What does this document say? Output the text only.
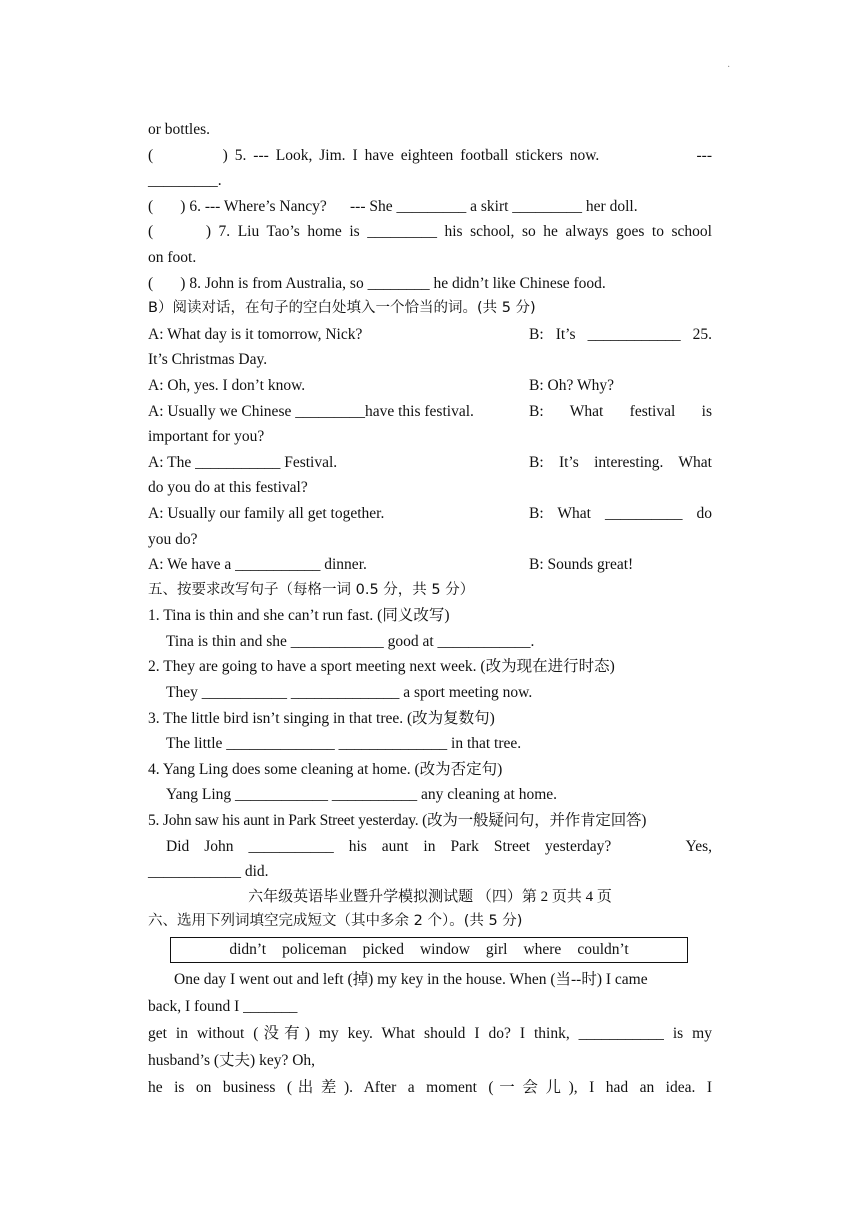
·
or bottles.
(          ) 5. --- Look, Jim. I have eighteen football stickers now.              ---
_________.
(       ) 6. --- Where’s Nancy?      --- She _________ a skirt _________ her doll.
(       ) 7. Liu Tao’s home is _________ his school, so he always goes to school
on foot.
(       ) 8. John is from Australia, so ________ he didn’t like Chinese food.
B）阅读对话，在句子的空白处填入一个恰当的词。(共 5 分)
A: What day is it tomorrow, Nick?	B: It’s ____________ 25.
It’s Christmas Day.
A: Oh, yes. I don’t know.	B: Oh? Why?
A: Usually we Chinese _________have this festival.	B:   What   festival   is
important for you?
A: The ___________ Festival.	B:  It’s  interesting.  What
do you do at this festival?
A: Usually our family all get together.	B:  What  __________  do
you do?
A: We have a ___________ dinner.	B: Sounds great!
五、按要求改写句子（每格一词 0.5 分，共 5 分）
1. Tina is thin and she can’t run fast. (同义改写)
Tina is thin and she ____________ good at ____________.
2. They are going to have a sport meeting next week. (改为现在进行时态)
They ___________ ______________ a sport meeting now.
3. The little bird isn’t singing in that tree. (改为复数句)
The little ______________ ______________ in that tree.
4. Yang Ling does some cleaning at home. (改为否定句)
Yang Ling ____________ ___________ any cleaning at home.
5. John saw his aunt in Park Street yesterday. (改为一般疑问句，并作肯定回答)
Did  John  ___________  his  aunt  in  Park  Street  yesterday?          Yes,
____________ did.
六年级英语毕业暨升学模拟测试题 （四）第 2 页共 4 页
六、选用下列词填空完成短文（其中多余 2 个）。(共 5 分)
didn’t policeman picked window girl where couldn’t
One day I went out and left (掉) my key in the house. When (当--时) I came
back, I found I _______
get in without (没有) my key. What should I do? I think, ___________ is my
husband’s (丈夫) key? Oh,
he  is  on  business  ( 出 差 ).  After  a  moment  ( 一 会 儿 ),  I  had  an  idea.  I
